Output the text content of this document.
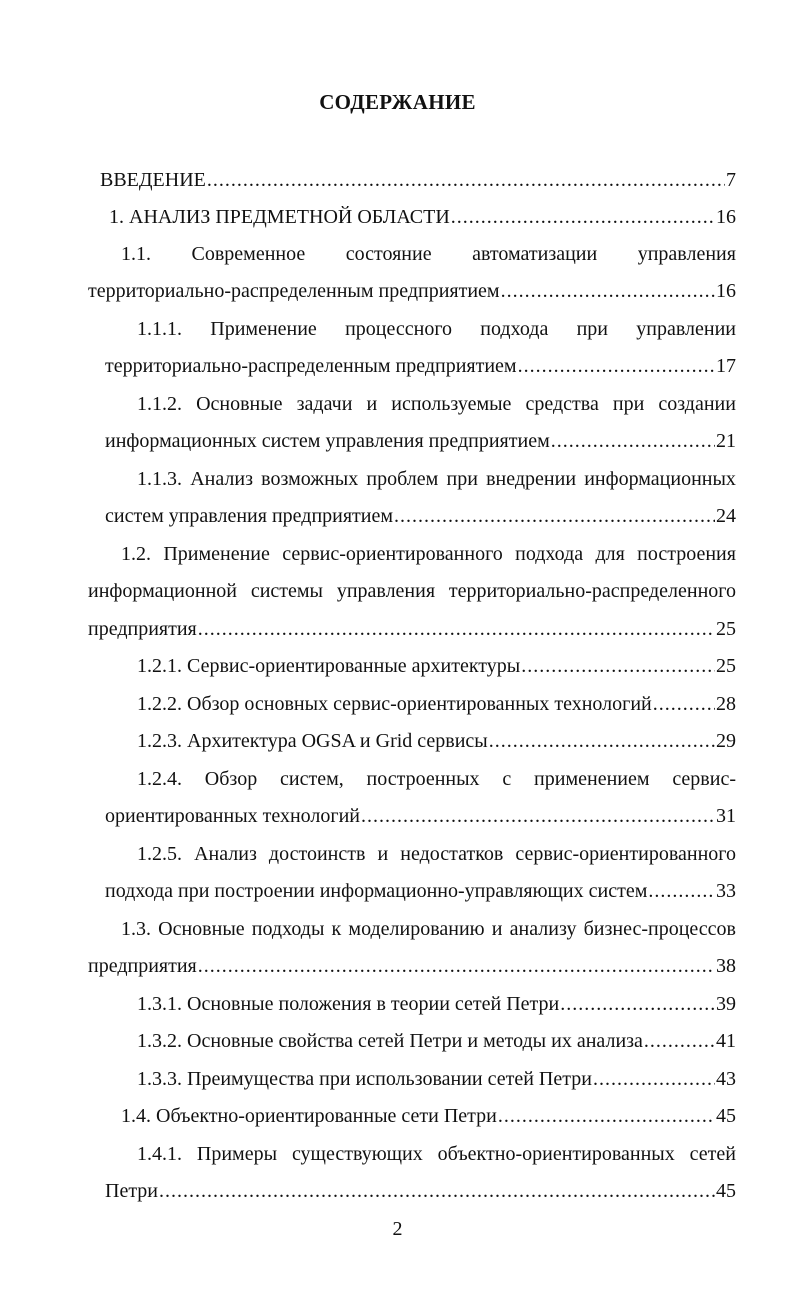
СОДЕРЖАНИЕ
ВВЕДЕНИЕ .....	7
1. АНАЛИЗ ПРЕДМЕТНОЙ ОБЛАСТИ .....	16
1.1. Современное состояние автоматизации управления
территориально-распределенным предприятием .....	16
1.1.1. Применение процессного подхода при управлении
территориально-распределенным предприятием .....	17
1.1.2. Основные задачи и используемые средства при создании
информационных систем управления предприятием .....	21
1.1.3. Анализ возможных проблем при внедрении информационных
систем управления предприятием .....	24
1.2. Применение сервис-ориентированного подхода для построения
информационной системы управления территориально-распределенного
предприятия .....	25
1.2.1. Сервис-ориентированные архитектуры .....	25
1.2.2. Обзор основных сервис-ориентированных технологий .....	28
1.2.3. Архитектура OGSA и Grid сервисы .....	29
1.2.4. Обзор систем, построенных с применением сервис-
ориентированных технологий .....	31
1.2.5. Анализ достоинств и недостатков сервис-ориентированного
подхода при построении информационно-управляющих систем .....	33
1.3. Основные подходы к моделированию и анализу бизнес-процессов
предприятия .....	38
1.3.1. Основные положения в теории сетей Петри .....	39
1.3.2. Основные свойства сетей Петри и методы их анализа .....	41
1.3.3. Преимущества при использовании сетей Петри .....	43
1.4. Объектно-ориентированные сети Петри .....	45
1.4.1. Примеры существующих объектно-ориентированных сетей
Петри .....	45
2
